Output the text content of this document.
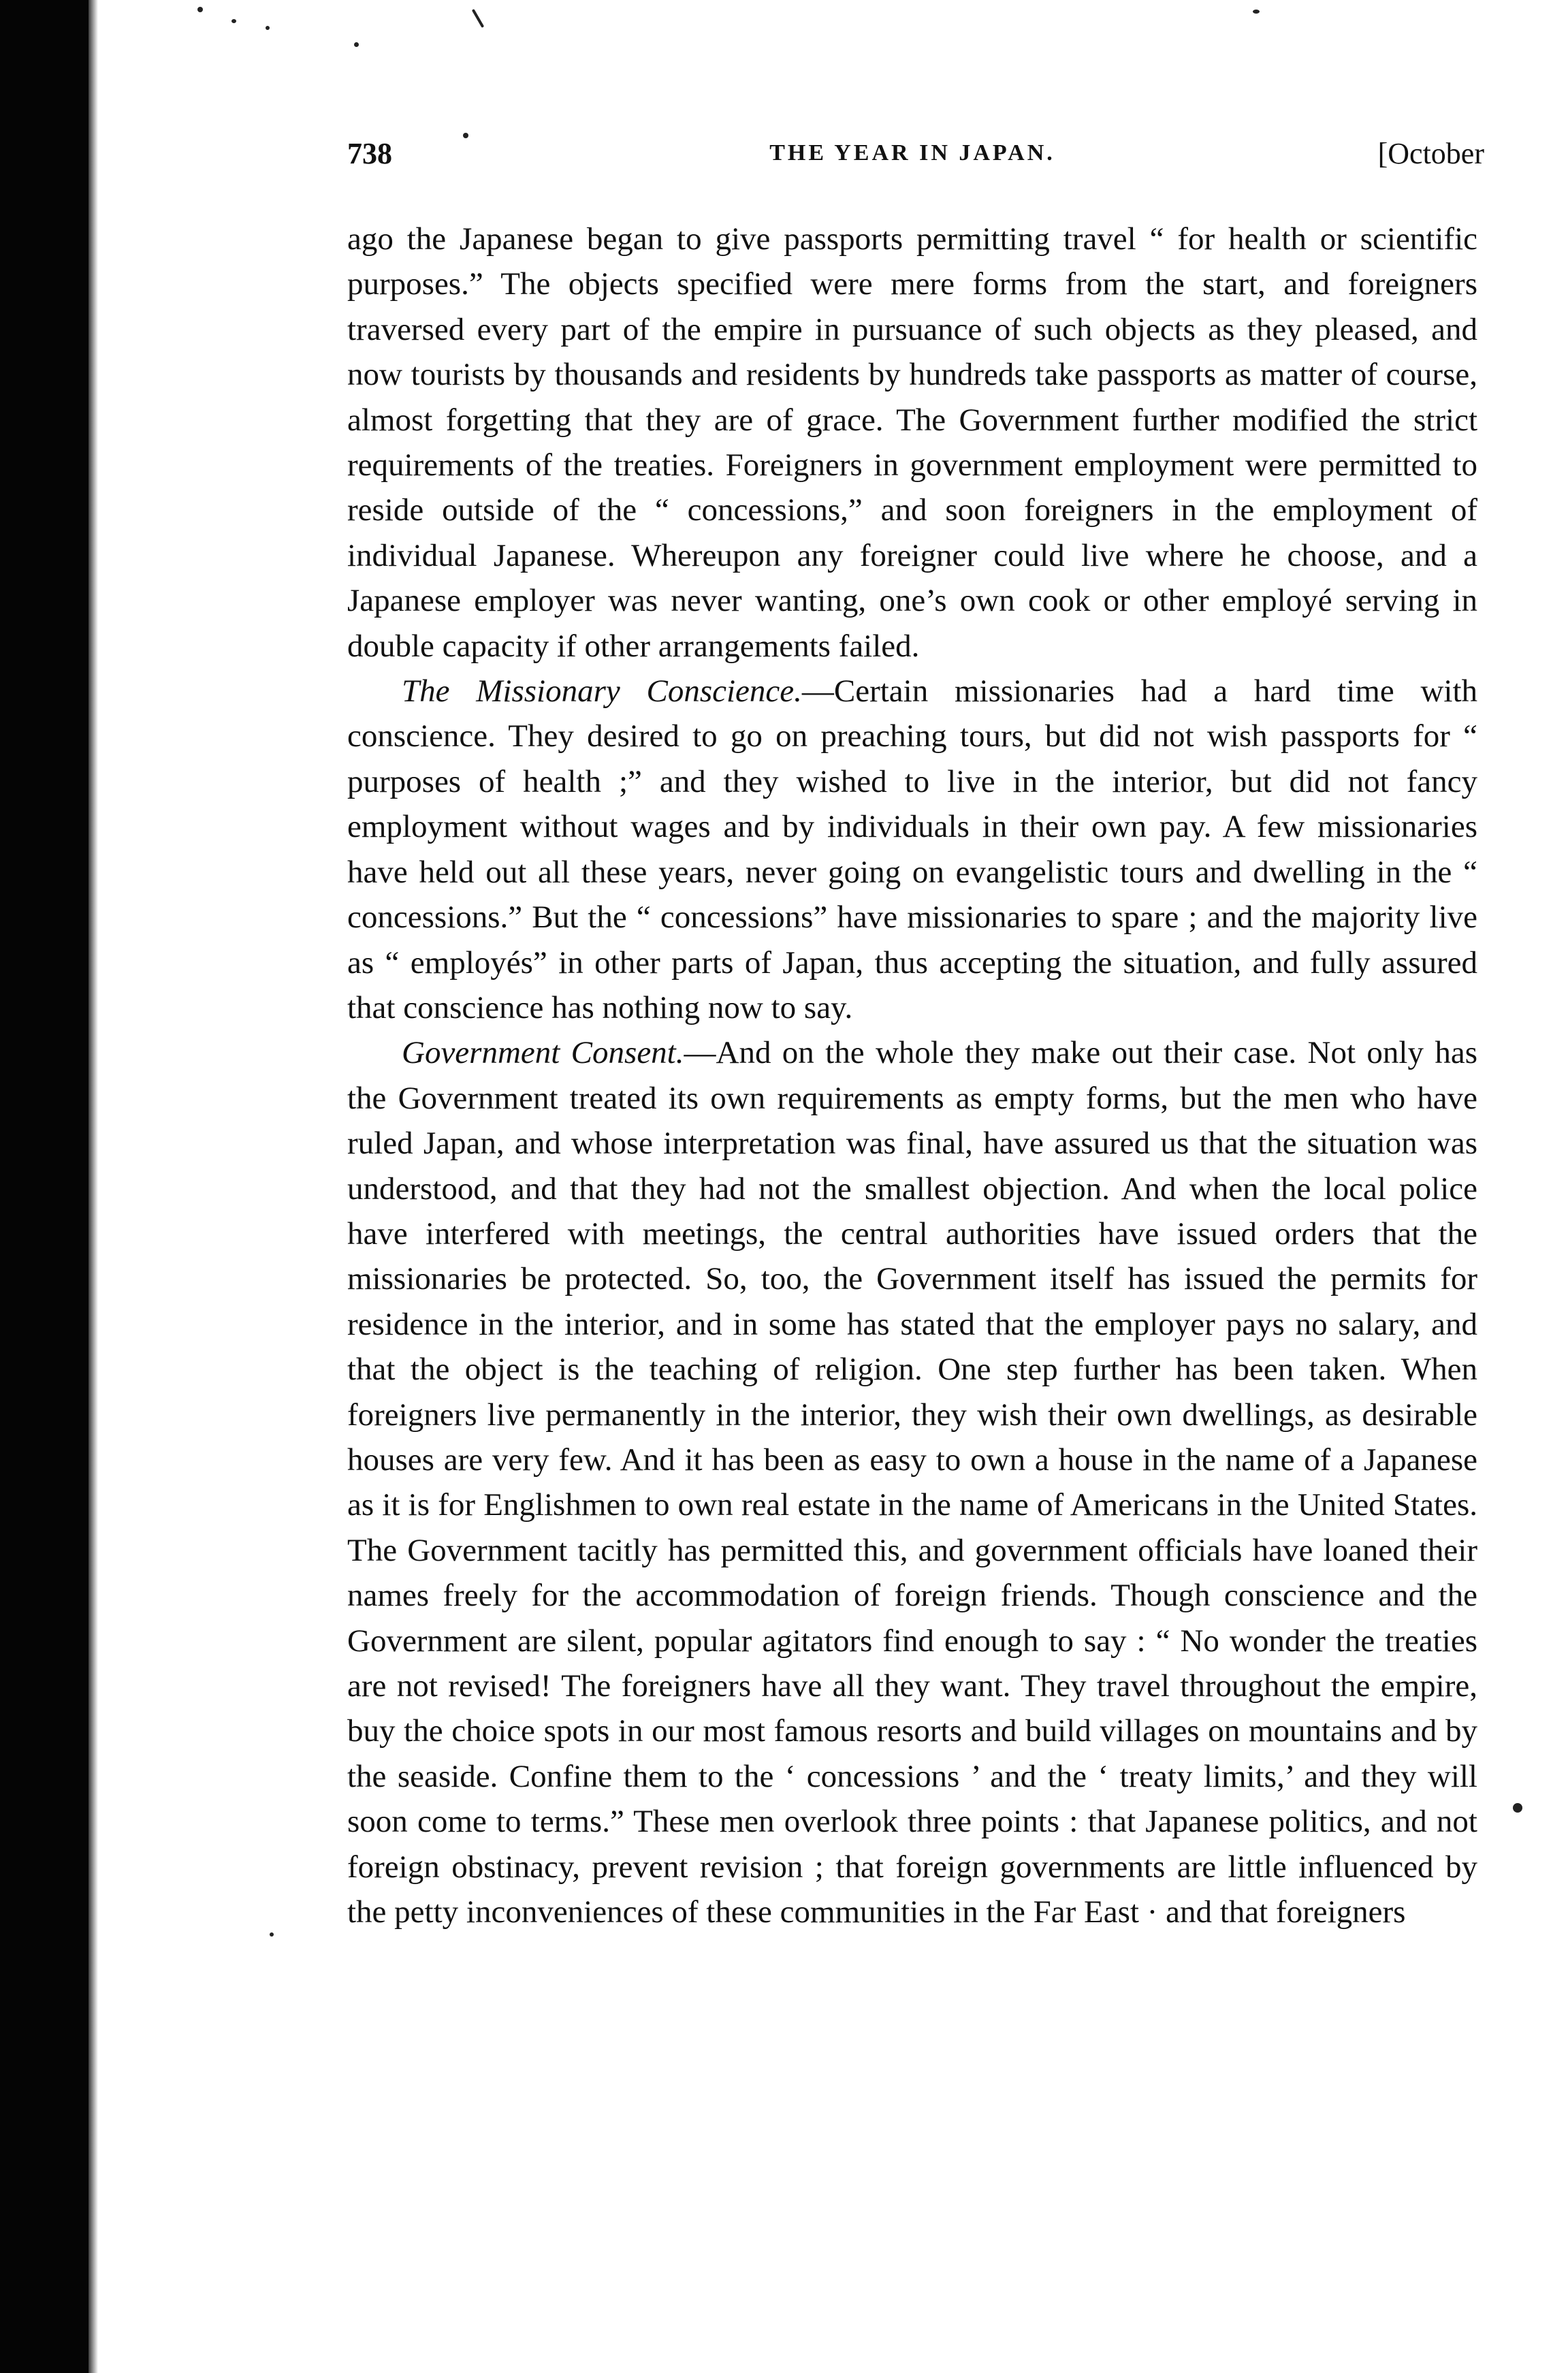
738	THE YEAR IN JAPAN.	[October

ago the Japanese began to give passports permitting travel “ for health or scientific purposes.” The objects specified were mere forms from the start, and foreigners traversed every part of the empire in pursuance of such objects as they pleased, and now tourists by thousands and residents by hundreds take passports as matter of course, almost forgetting that they are of grace. The Government further modified the strict requirements of the treaties. Foreigners in government employment were permitted to reside outside of the “ concessions,” and soon foreigners in the employment of individual Japanese. Whereupon any foreigner could live where he choose, and a Japanese employer was never wanting, one’s own cook or other employé serving in double capacity if other arrangements failed.

The Missionary Conscience.—Certain missionaries had a hard time with conscience. They desired to go on preaching tours, but did not wish passports for “ purposes of health ;” and they wished to live in the interior, but did not fancy employment without wages and by individuals in their own pay. A few missionaries have held out all these years, never going on evangelistic tours and dwelling in the “ concessions.” But the “ concessions” have missionaries to spare ; and the majority live as “ employés” in other parts of Japan, thus accepting the situation, and fully assured that conscience has nothing now to say.

Government Consent.—And on the whole they make out their case. Not only has the Government treated its own requirements as empty forms, but the men who have ruled Japan, and whose interpretation was final, have assured us that the situation was understood, and that they had not the smallest objection. And when the local police have interfered with meetings, the central authorities have issued orders that the missionaries be protected. So, too, the Government itself has issued the permits for residence in the interior, and in some has stated that the employer pays no salary, and that the object is the teaching of religion. One step further has been taken. When foreigners live permanently in the interior, they wish their own dwellings, as desirable houses are very few. And it has been as easy to own a house in the name of a Japanese as it is for Englishmen to own real estate in the name of Americans in the United States. The Government tacitly has permitted this, and government officials have loaned their names freely for the accommodation of foreign friends. Though conscience and the Government are silent, popular agitators find enough to say : “ No wonder the treaties are not revised! The foreigners have all they want. They travel throughout the empire, buy the choice spots in our most famous resorts and build villages on mountains and by the seaside. Confine them to the ‘ concessions ’ and the ‘ treaty limits,’ and they will soon come to terms.” These men overlook three points : that Japanese politics, and not foreign obstinacy, prevent revision ; that foreign governments are little influenced by the petty inconveniences of these communities in the Far East · and that foreigners
